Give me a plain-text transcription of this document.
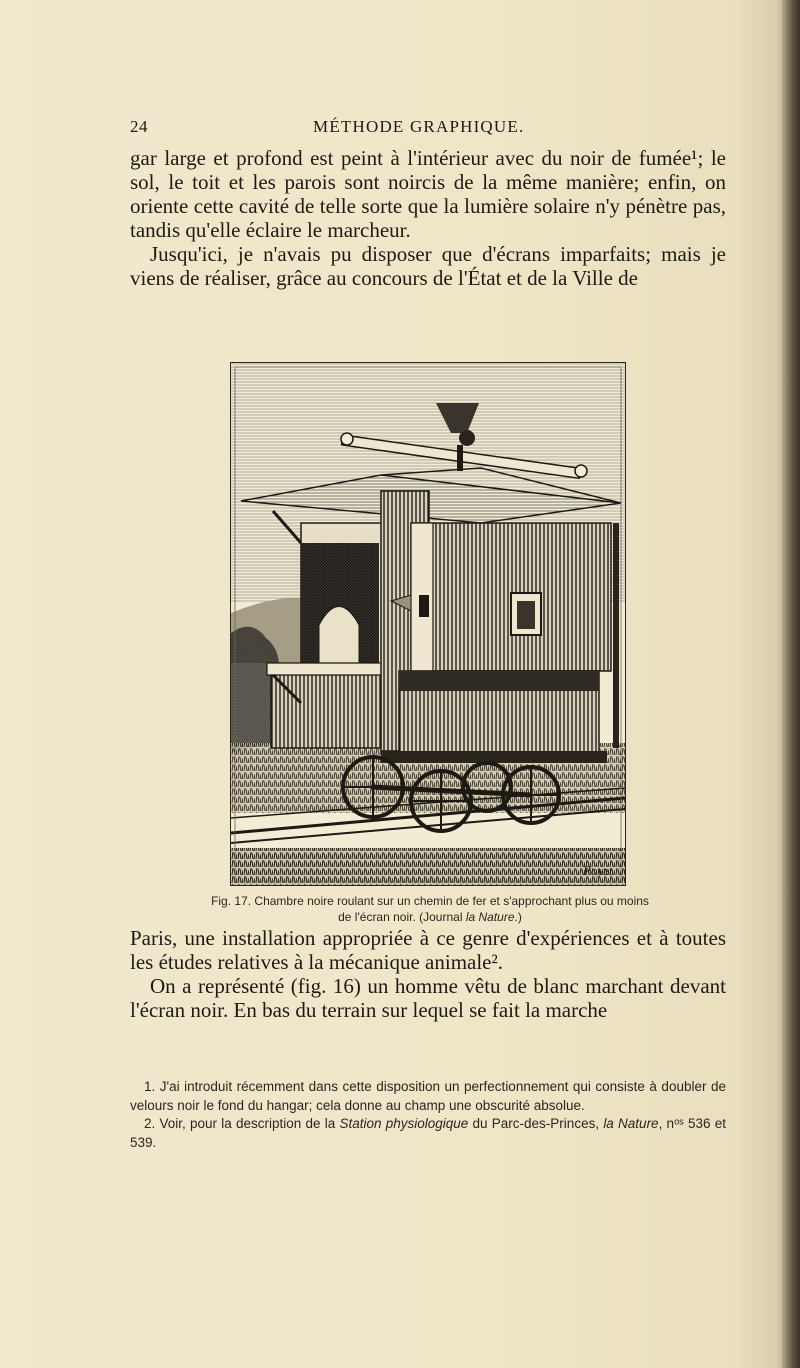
24	MÉTHODE GRAPHIQUE.

gar large et profond est peint à l'intérieur avec du noir de fumée¹; le sol, le toit et les parois sont noircis de la même manière; enfin, on oriente cette cavité de telle sorte que la lumière solaire n'y pénètre pas, tandis qu'elle éclaire le marcheur.

Jusqu'ici, je n'avais pu disposer que d'écrans imparfaits; mais je viens de réaliser, grâce au concours de l'État et de la Ville de

Poyet
Fig. 17. Chambre noire roulant sur un chemin de fer et s'approchant plus ou moins
de l'écran noir. (Journal la Nature.)

Paris, une installation appropriée à ce genre d'expériences et à toutes les études relatives à la mécanique animale².

On a représenté (fig. 16) un homme vêtu de blanc marchant devant l'écran noir. En bas du terrain sur lequel se fait la marche

1. J'ai introduit récemment dans cette disposition un perfectionnement qui consiste à doubler de velours noir le fond du hangar; cela donne au champ une obscurité absolue.

2. Voir, pour la description de la Station physiologique du Parc-des-Princes, la Nature, nᵒˢ 536 et 539.
